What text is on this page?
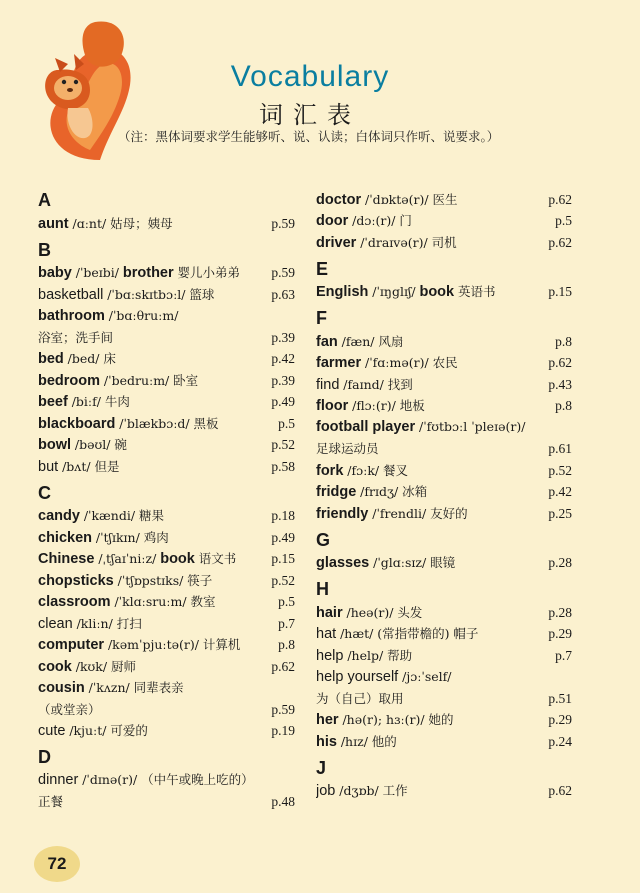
Vocabulary
词汇表
（注：黑体词要求学生能够听、说、认读；白体词只作听、说要求。）
A
aunt /ɑːnt/ 姑母；姨母	p.59
B
baby /ˈbeɪbi/ brother 婴儿小弟弟	p.59
basketball /ˈbɑːskɪtbɔːl/ 篮球	p.63
bathroom /ˈbɑːθruːm/
浴室；洗手间	p.39
bed /bed/ 床	p.42
bedroom /ˈbedruːm/ 卧室	p.39
beef /biːf/ 牛肉	p.49
blackboard /ˈblækbɔːd/ 黑板	p.5
bowl /bəʊl/ 碗	p.52
but /bʌt/ 但是	p.58
C
candy /ˈkændi/ 糖果	p.18
chicken /ˈtʃɪkɪn/ 鸡肉	p.49
Chinese /ˌtʃaɪˈniːz/ book 语文书	p.15
chopsticks /ˈtʃɒpstɪks/ 筷子	p.52
classroom /ˈklɑːsruːm/ 教室	p.5
clean /kliːn/ 打扫	p.7
computer /kəmˈpjuːtə(r)/ 计算机	p.8
cook /kʊk/ 厨师	p.62
cousin /ˈkʌzn/ 同辈表亲
（或堂亲）	p.59
cute /kjuːt/ 可爱的	p.19
D
dinner /ˈdɪnə(r)/ （中午或晚上吃的）
正餐	p.48
doctor /ˈdɒktə(r)/ 医生	p.62
door /dɔː(r)/ 门	p.5
driver /ˈdraɪvə(r)/ 司机	p.62
E
English /ˈɪŋglɪʃ/ book 英语书	p.15
F
fan /fæn/ 风扇	p.8
farmer /ˈfɑːmə(r)/ 农民	p.62
find /faɪnd/ 找到	p.43
floor /flɔː(r)/ 地板	p.8
football player /ˈfʊtbɔːl ˈpleɪə(r)/
足球运动员	p.61
fork /fɔːk/ 餐叉	p.52
fridge /frɪdʒ/ 冰箱	p.42
friendly /ˈfrendli/ 友好的	p.25
G
glasses /ˈglɑːsɪz/ 眼镜	p.28
H
hair /heə(r)/ 头发	p.28
hat /hæt/ (常指带檐的) 帽子	p.29
help /help/ 帮助	p.7
help yourself /jɔːˈself/
为（自己）取用	p.51
her /hə(r); hɜː(r)/ 她的	p.29
his /hɪz/ 他的	p.24
J
job /dʒɒb/ 工作	p.62
72
